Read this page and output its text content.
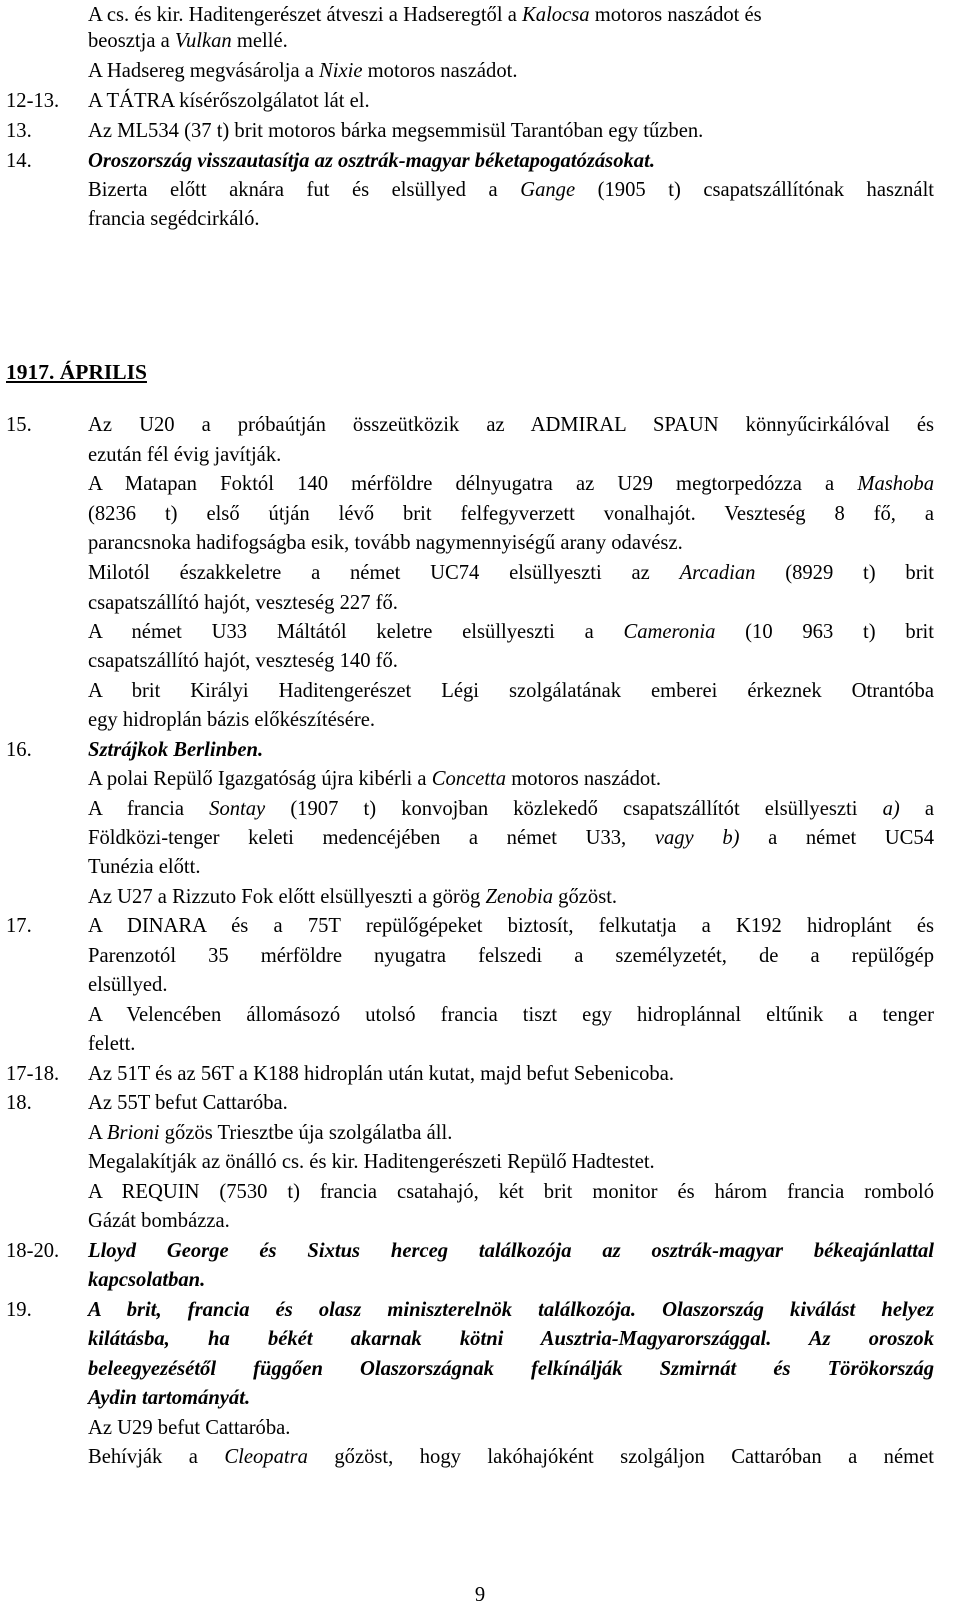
A cs. és kir. Haditengerészet átveszi a Hadseregtől a Kalocsa motoros naszádot és
beosztja a Vulkan mellé.
A Hadsereg megvásárolja a Nixie motoros naszádot.
12-13. A TÁTRA kísérőszolgálatot lát el.
13.	Az ML534 (37 t) brit motoros bárka megsemmisül Tarantóban egy tűzben.
14.	Oroszország visszautasítja az osztrák-magyar béketapogatózásokat.
Bizerta előtt aknára fut és elsüllyed a Gange (1905 t) csapatszállítónak használt
francia segédcirkáló.
15.	Az U20 a próbaútján összeütközik az ADMIRAL SPAUN könnyűcirkálóval és
ezután fél évig javítják.
A Matapan Foktól 140 mérföldre délnyugatra az U29 megtorpedózza a Mashoba
(8236 t) első útján lévő brit felfegyverzett vonalhajót. Veszteség 8 fő, a
parancsnoka hadifogságba esik, tovább nagymennyiségű arany odavész.
Milotól északkeletre a német UC74 elsüllyeszti az Arcadian (8929 t) brit
csapatszállító hajót, veszteség 227 fő.
A német U33 Máltától keletre elsüllyeszti a Cameronia (10 963 t) brit
csapatszállító hajót, veszteség 140 fő.
A brit Királyi Haditengerészet Légi szolgálatának emberei érkeznek Otrantóba
egy hidroplán bázis előkészítésére.
16.	Sztrájkok Berlinben.
A polai Repülő Igazgatóság újra kibérli a Concetta motoros naszádot.
A francia Sontay (1907 t) konvojban közlekedő csapatszállítót elsüllyeszti a) a
Földközi-tenger keleti medencéjében a német U33, vagy b) a német UC54
Tunézia előtt.
Az U27 a Rizzuto Fok előtt elsüllyeszti a görög Zenobia gőzöst.
17.	A DINARA és a 75T repülőgépeket biztosít, felkutatja a K192 hidroplánt és
Parenzotól 35 mérföldre nyugatra felszedi a személyzetét, de a repülőgép
elsüllyed.
A Velencében állomásozó utolsó francia tiszt egy hidroplánnal eltűnik a tenger
felett.
17-18. Az 51T és az 56T a K188 hidroplán után kutat, majd befut Sebenicoba.
18.	Az 55T befut Cattaróba.
A Brioni gőzös Triesztbe úja szolgálatba áll.
Megalakítják az önálló cs. és kir. Haditengerészeti Repülő Hadtestet.
A REQUIN (7530 t) francia csatahajó, két brit monitor és három francia romboló
Gázát bombázza.
18-20. Lloyd George és Sixtus herceg találkozója az osztrák-magyar békeajánlattal
kapcsolatban.
19.	A brit, francia és olasz miniszterelnök találkozója. Olaszország kiválást helyez
kilátásba, ha békét akarnak kötni Ausztria-Magyarországgal. Az oroszok
beleegyezésétől függően Olaszországnak felkínálják Szmirnát és Törökország
Aydin tartományát.
Az U29 befut Cattaróba.
Behívják a Cleopatra gőzöst, hogy lakóhajóként szolgáljon Cattaróban a német
1917. ÁPRILIS
9
